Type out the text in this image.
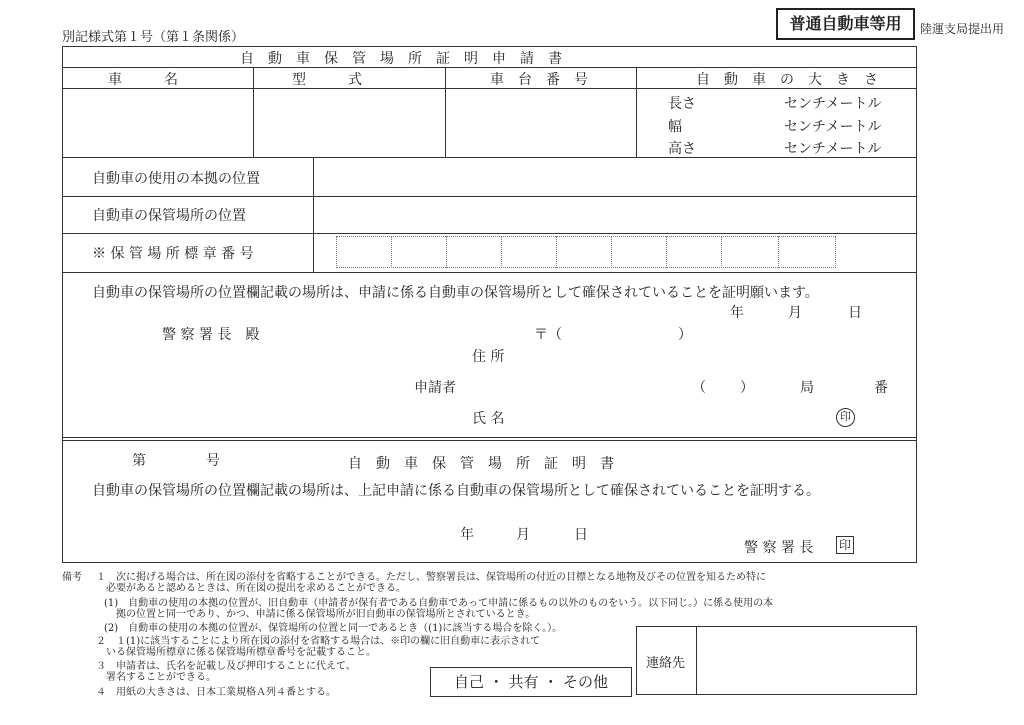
別記様式第１号（第１条関係）
普通自動車等用	陸運支局提出用
自　動　車　保　管　場　所　証　明　申　請　書
車　　　名	型　　　式	車　台　番　号	自　動　車　の　大　き　さ
長さ	センチメートル
幅	センチメートル
高さ	センチメートル
自動車の使用の本拠の位置
自動車の保管場所の位置
※ 保 管 場 所 標 章 番 号
自動車の保管場所の位置欄記載の場所は、申請に係る自動車の保管場所として確保されていることを証明願います。
年	月	日
警 察 署 長　殿	〒（	）
住 所
申請者	（ ）	局	番
氏 名	印
第	号	自　動　車　保　管　場　所　証　明　書
自動車の保管場所の位置欄記載の場所は、上記申請に係る自動車の保管場所として確保されていることを証明する。
年	月	日
警 察 署 長 印
備考 １　次に掲げる場合は、所在図の添付を省略することができる。ただし、警察署長は、保管場所の付近の目標となる地物及びその位置を知るため特に
必要があると認めるときは、所在図の提出を求めることができる。
(1)　自動車の使用の本拠の位置が、旧自動車（申請者が保有者である自動車であって申請に係るもの以外のものをいう。以下同じ。）に係る使用の本
拠の位置と同一であり、かつ、申請に係る保管場所が旧自動車の保管場所とされているとき。
(2)　自動車の使用の本拠の位置が、保管場所の位置と同一であるとき（(1)に該当する場合を除く。）。
２　１(1)に該当することにより所在図の添付を省略する場合は、※印の欄に旧自動車に表示されて
いる保管場所標章に係る保管場所標章番号を記載すること。
３　申請者は、氏名を記載し及び押印することに代えて、
署名することができる。
４　用紙の大きさは、日本工業規格Ａ列４番とする。
自己 ・ 共有 ・ その他
連絡先
